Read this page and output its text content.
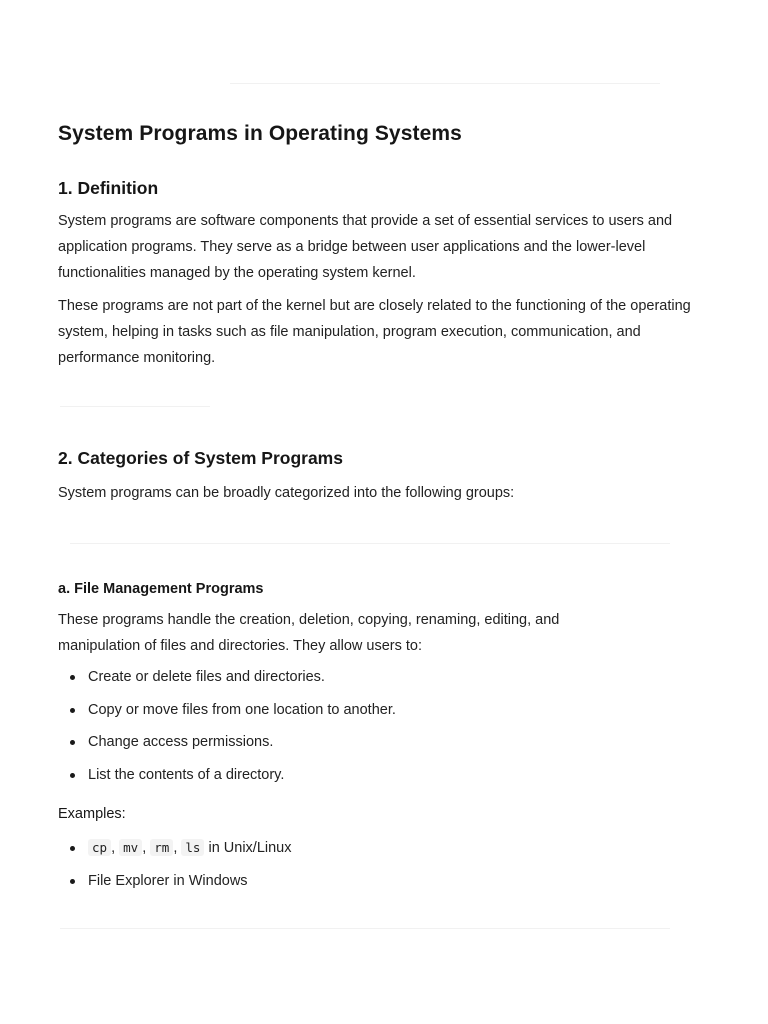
System Programs in Operating Systems
1. Definition

System programs are software components that provide a set of essential services to users and application programs. They serve as a bridge between user applications and the lower-level functionalities managed by the operating system kernel.

These programs are not part of the kernel but are closely related to the functioning of the operating system, helping in tasks such as file manipulation, program execution, communication, and performance monitoring.

2. Categories of System Programs

System programs can be broadly categorized into the following groups:

a. File Management Programs

These programs handle the creation, deletion, copying, renaming, editing, and manipulation of files and directories. They allow users to:

Create or delete files and directories.
Copy or move files from one location to another.
Change access permissions.
List the contents of a directory.

Examples:

cp , mv , rm , ls in Unix/Linux
File Explorer in Windows
